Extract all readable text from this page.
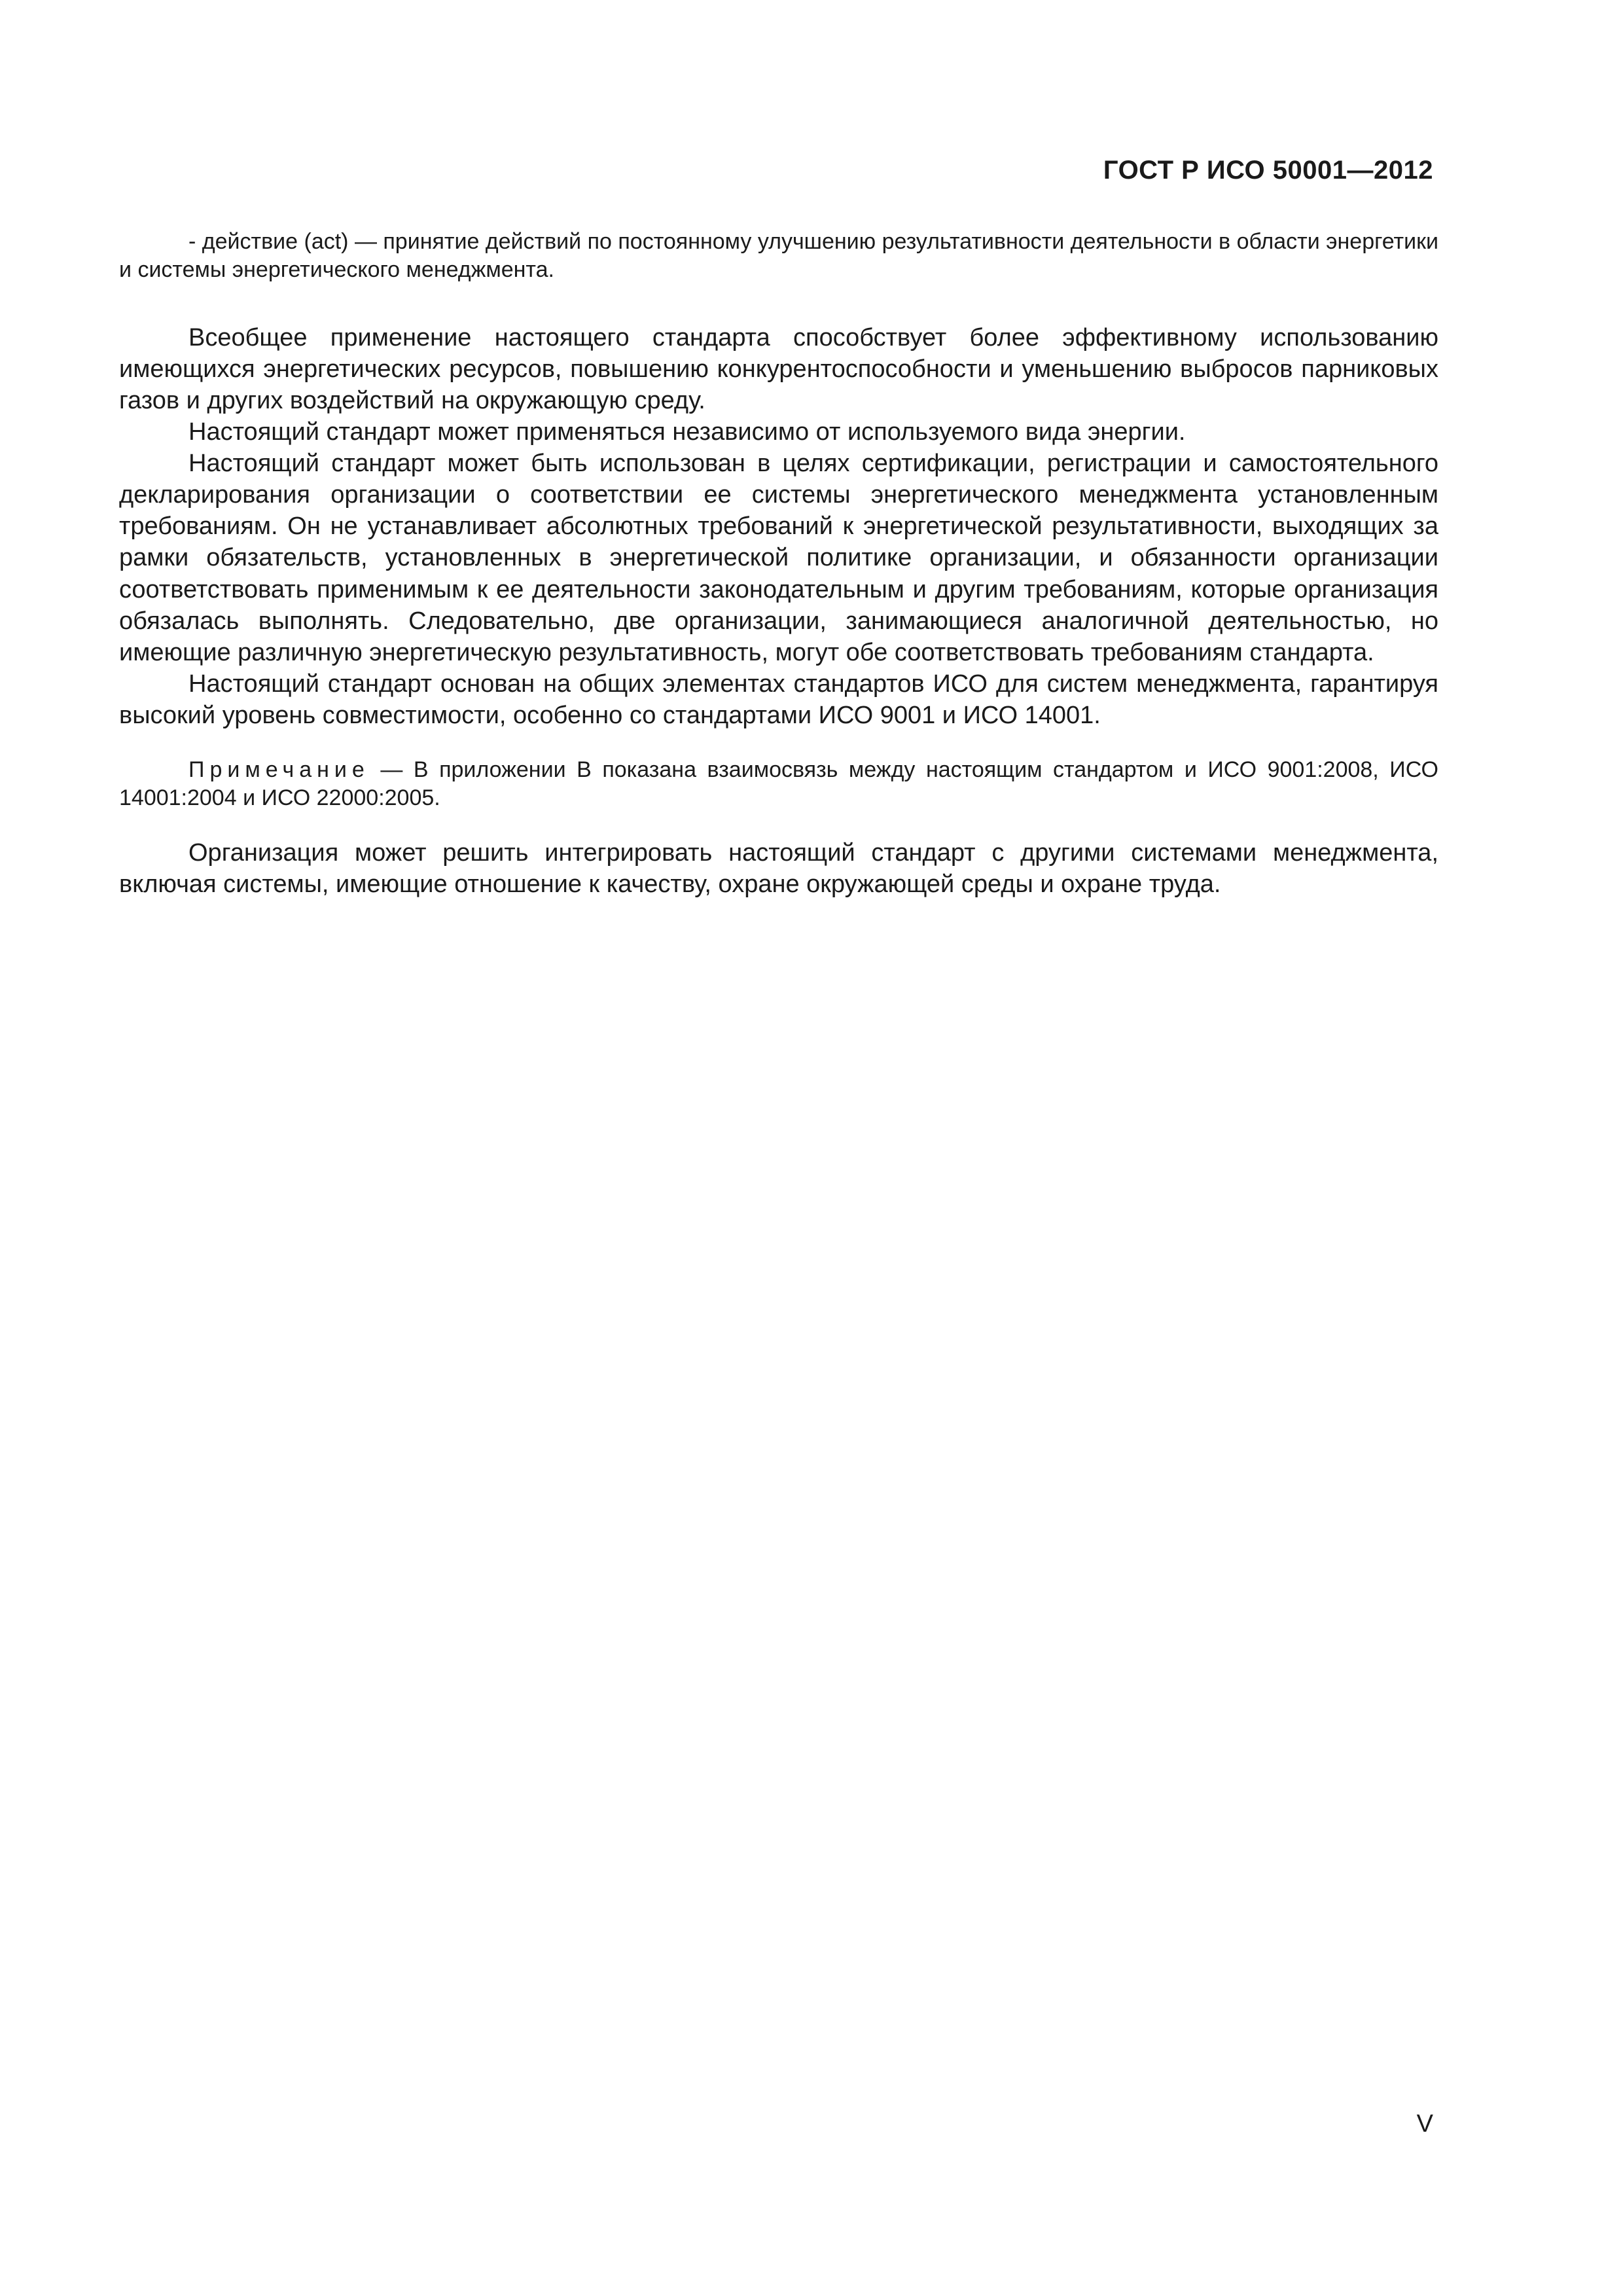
ГОСТ Р ИСО 50001—2012

- действие (act) — принятие действий по постоянному улучшению результативности деятельности в области энергетики и системы энергетического менеджмента.

Всеобщее применение настоящего стандарта способствует более эффективному использованию имеющихся энергетических ресурсов, повышению конкурентоспособности и уменьшению выбросов парниковых газов и других воздействий на окружающую среду.

Настоящий стандарт может применяться независимо от используемого вида энергии.

Настоящий стандарт может быть использован в целях сертификации, регистрации и самостоятельного декларирования организации о соответствии ее системы энергетического менеджмента установленным требованиям. Он не устанавливает абсолютных требований к энергетической результативности, выходящих за рамки обязательств, установленных в энергетической политике организации, и обязанности организации соответствовать применимым к ее деятельности законодательным и другим требованиям, которые организация обязалась выполнять. Следовательно, две организации, занимающиеся аналогичной деятельностью, но имеющие различную энергетическую результативность, могут обе соответствовать требованиям стандарта.

Настоящий стандарт основан на общих элементах стандартов ИСО для систем менеджмента, гарантируя высокий уровень совместимости, особенно со стандартами ИСО 9001 и ИСО 14001.

Примечание — В приложении В показана взаимосвязь между настоящим стандартом и ИСО 9001:2008, ИСО 14001:2004 и ИСО 22000:2005.

Организация может решить интегрировать настоящий стандарт с другими системами менеджмента, включая системы, имеющие отношение к качеству, охране окружающей среды и охране труда.

V
